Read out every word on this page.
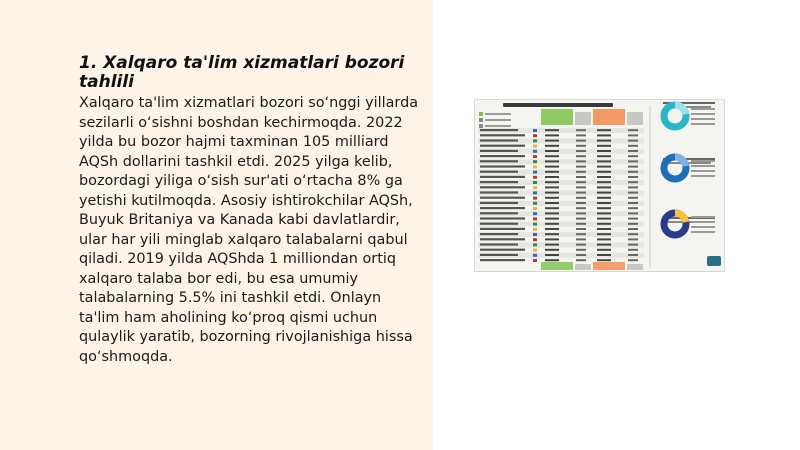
1. Xalqaro ta'lim xizmatlari bozori tahlili

Xalqaro ta'lim xizmatlari bozori so‘nggi yillarda sezilarli o‘sishni boshdan kechirmoqda. 2022 yilda bu bozor hajmi taxminan 105 milliard AQSh dollarini tashkil etdi. 2025 yilga kelib, bozordagi yiliga o‘sish sur'ati o‘rtacha 8% ga yetishi kutilmoqda. Asosiy ishtirokchilar AQSh, Buyuk Britaniya va Kanada kabi davlatlardir, ular har yili minglab xalqaro talabalarni qabul qiladi. 2019 yilda AQShda 1 milliondan ortiq xalqaro talaba bor edi, bu esa umumiy talabalarning 5.5% ini tashkil etdi. Onlayn ta'lim ham aholining ko‘proq qismi uchun qulaylik yaratib, bozorning rivojlanishiga hissa qo‘shmoqda.
